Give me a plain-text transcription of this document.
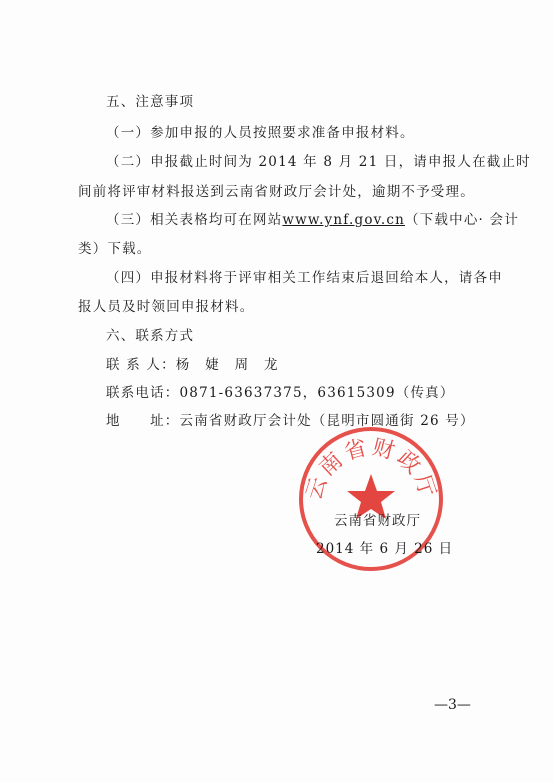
五、注意事项
（一）参加申报的人员按照要求准备申报材料。
（二）申报截止时间为 2014 年 8 月 21 日，请申报人在截止时
间前将评审材料报送到云南省财政厅会计处，逾期不予受理。
（三）相关表格均可在网站www.ynf.gov.cn（下载中心· 会计
类）下载。
（四）申报材料将于评审相关工作结束后退回给本人，请各申
报人员及时领回申报材料。
六、联系方式
联 系 人：杨　婕　周　龙
联系电话：0871-63637375，63615309（传真）
地　　址：云南省财政厅会计处（昆明市圆通街 26 号）
云南省财政厅
云南省财政厅
2014 年 6 月 26 日
—3—
